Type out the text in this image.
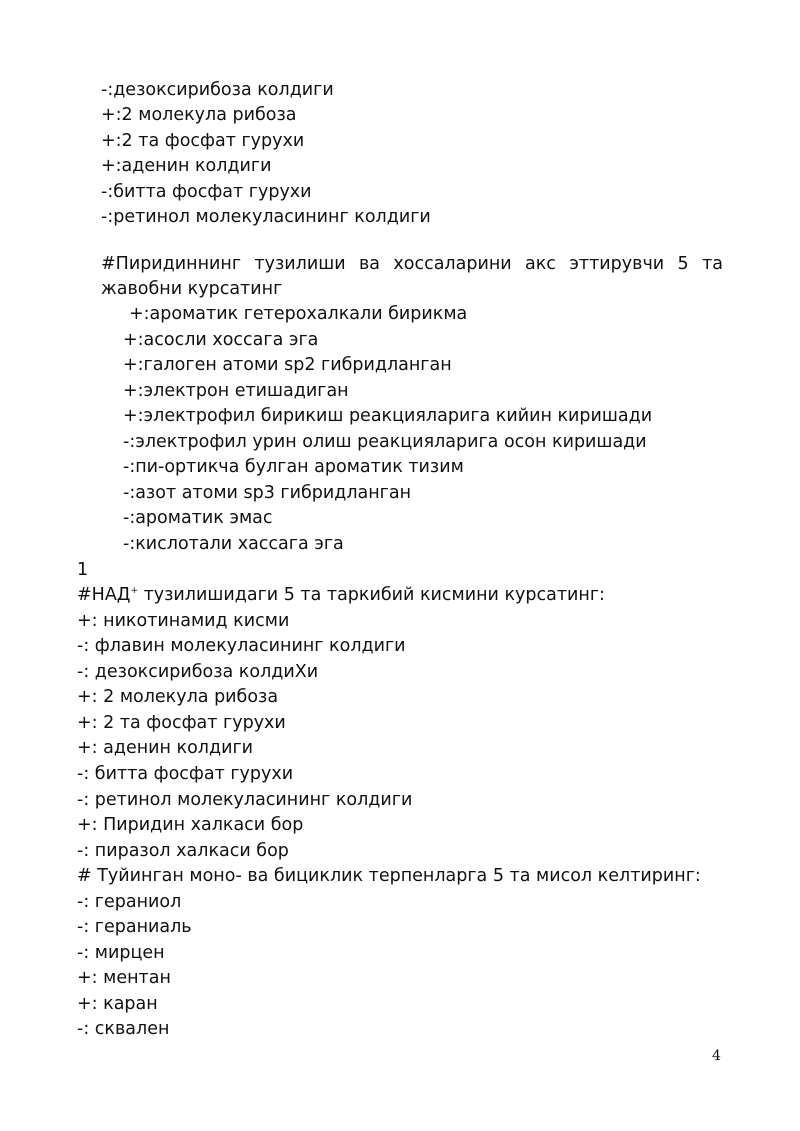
-:дезоксирибоза колдиги
+:2 молекула рибоза
+:2 та фосфат гурухи
+:аденин колдиги
-:битта фосфат гурухи
-:ретинол молекуласининг колдиги
#Пиридиннинг тузилиши ва хоссаларини акс эттирувчи 5 та
жавобни курсатинг
+:ароматик гетерохалкали бирикма
+:асосли хоссага эга
+:галоген атоми sp2 гибридланган
+:электрон етишадиган
+:электрофил бирикиш реакцияларига кийин киришади
-:электрофил урин олиш реакцияларига осон киришади
-:пи-ортикча булган ароматик тизим
-:азот атоми sp3 гибридланган
-:ароматик эмас
-:кислотали хассага эга
1
#НАД+ тузилишидаги 5 та таркибий кисмини курсатинг:
+: никотинамид кисми
-: флавин молекуласининг колдиги
-: дезоксирибоза колдиХи
+: 2 молекула рибоза
+: 2 та фосфат гурухи
+: аденин колдиги
-: битта фосфат гурухи
-: ретинол молекуласининг колдиги
+: Пиридин халкаси бор
-: пиразол халкаси бор
# Туйинган моно- ва бициклик терпенларга 5 та мисол келтиринг:
-: гераниол
-: гераниаль
-: мирцен
+: ментан
+: каран
-: сквален
4
